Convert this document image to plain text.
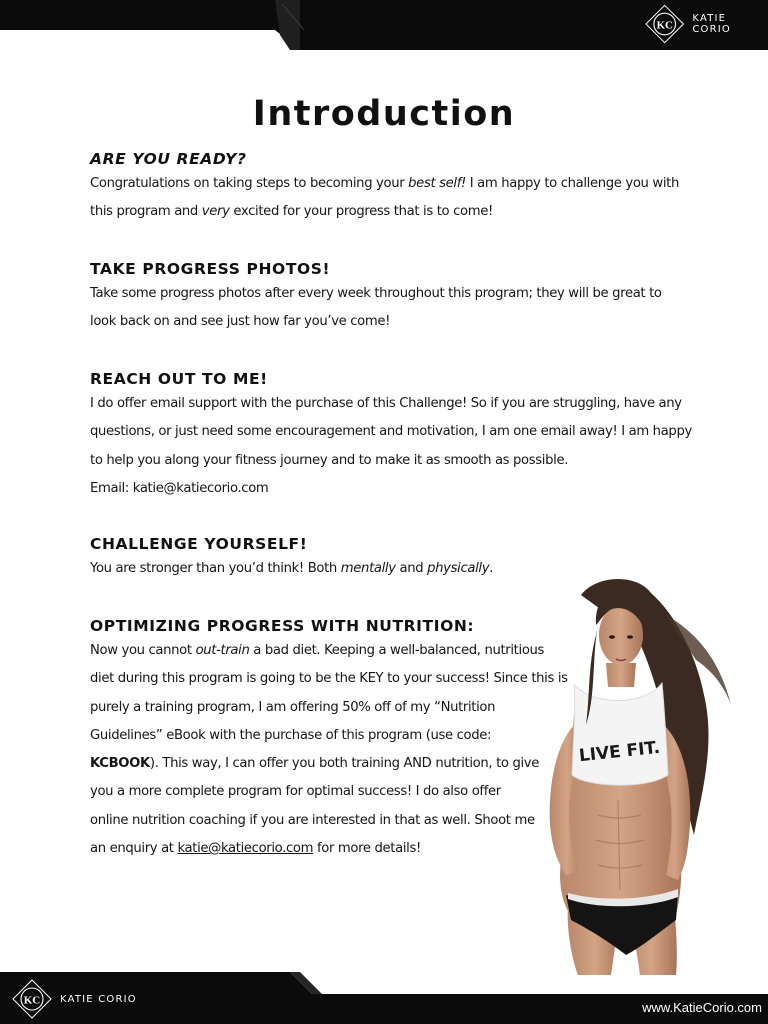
KC
KATIE CORIO
Introduction
ARE YOU READY?

Congratulations on taking steps to becoming your best self! I am happy to challenge you with
this program and very excited for your progress that is to come!

TAKE PROGRESS PHOTOS!

Take some progress photos after every week throughout this program; they will be great to
look back on and see just how far you’ve come!

REACH OUT TO ME!

I do offer email support with the purchase of this Challenge! So if you are struggling, have any
questions, or just need some encouragement and motivation, I am one email away! I am happy
to help you along your fitness journey and to make it as smooth as possible.
Email: katie@katiecorio.com

CHALLENGE YOURSELF!

You are stronger than you’d think! Both mentally and physically.

OPTIMIZING PROGRESS WITH NUTRITION:

Now you cannot out-train a bad diet. Keeping a well-balanced, nutritious
diet during this program is going to be the KEY to your success! Since this is
purely a training program, I am offering 50% off of my “Nutrition
Guidelines” eBook with the purchase of this program (use code:
KCBOOK). This way, I can offer you both training AND nutrition, to give
you a more complete program for optimal success! I do also offer
online nutrition coaching if you are interested in that as well. Shoot me
an enquiry at katie@katiecorio.com for more details!

LIVE FIT.
KC KATIE CORIO
www.KatieCorio.com
